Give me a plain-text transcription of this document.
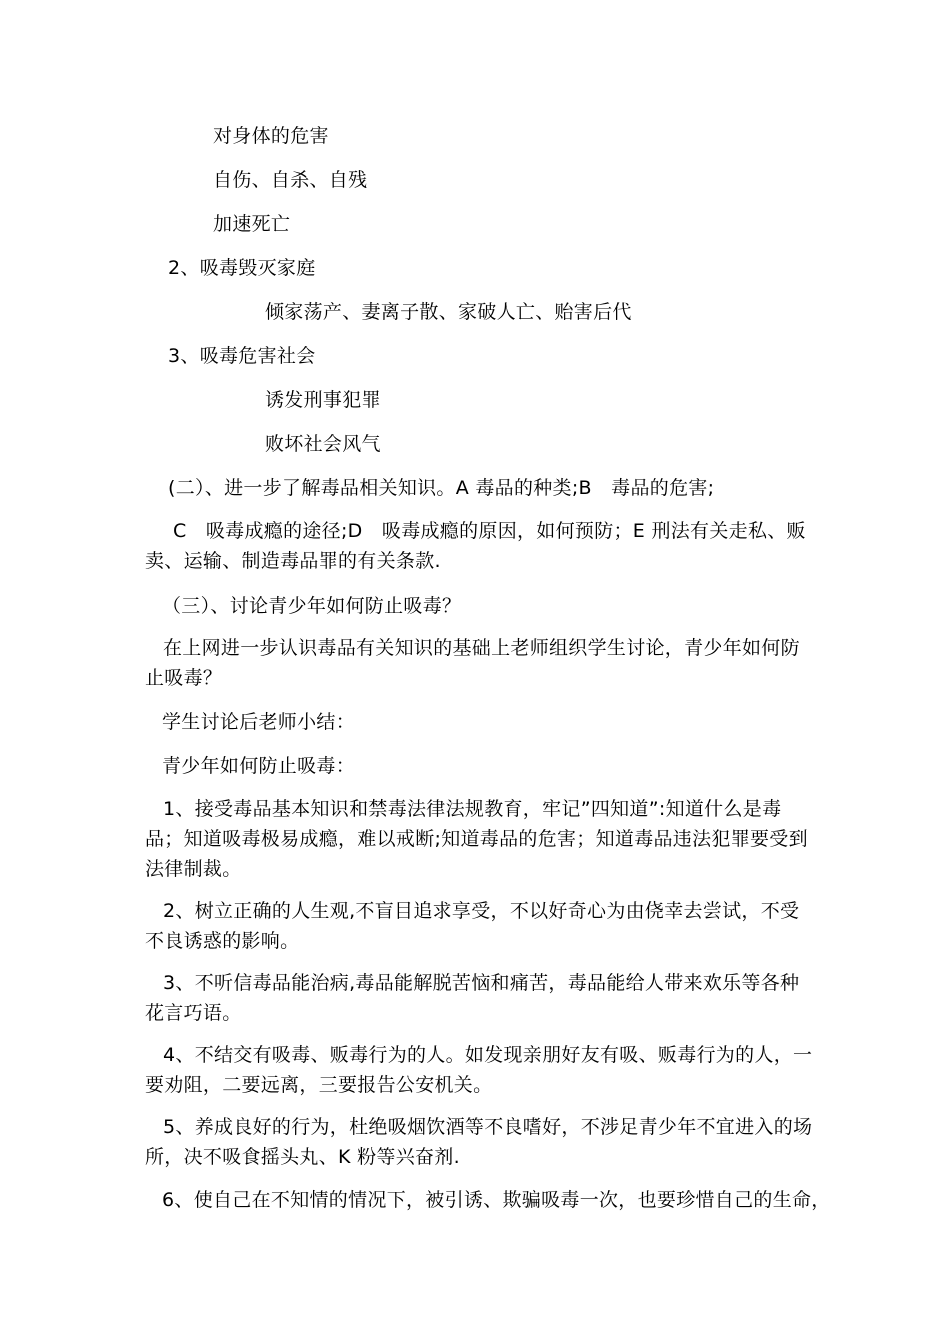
对身体的危害

自伤、自杀、自残

加速死亡

2、吸毒毁灭家庭

倾家荡产、妻离子散、家破人亡、贻害后代

3、吸毒危害社会

诱发刑事犯罪

败坏社会风气

(二）、进一步了解毒品相关知识。A 毒品的种类;B　毒品的危害;

C　吸毒成瘾的途径;D　吸毒成瘾的原因，如何预防；E 刑法有关走私、贩
卖、运输、制造毒品罪的有关条款.

（三）、讨论青少年如何防止吸毒？

在上网进一步认识毒品有关知识的基础上老师组织学生讨论，青少年如何防
止吸毒？

学生讨论后老师小结：

青少年如何防止吸毒：

1、接受毒品基本知识和禁毒法律法规教育，牢记”四知道”:知道什么是毒
品；知道吸毒极易成瘾，难以戒断;知道毒品的危害；知道毒品违法犯罪要受到
法律制裁。
2、树立正确的人生观,不盲目追求享受，不以好奇心为由侥幸去尝试，不受
不良诱惑的影响。
3、不听信毒品能治病,毒品能解脱苦恼和痛苦，毒品能给人带来欢乐等各种
花言巧语。
4、不结交有吸毒、贩毒行为的人。如发现亲朋好友有吸、贩毒行为的人，一
要劝阻，二要远离，三要报告公安机关。
5、养成良好的行为，杜绝吸烟饮酒等不良嗜好，不涉足青少年不宜进入的场
所，决不吸食摇头丸、K 粉等兴奋剂.

6、使自己在不知情的情况下，被引诱、欺骗吸毒一次，也要珍惜自己的生命，
